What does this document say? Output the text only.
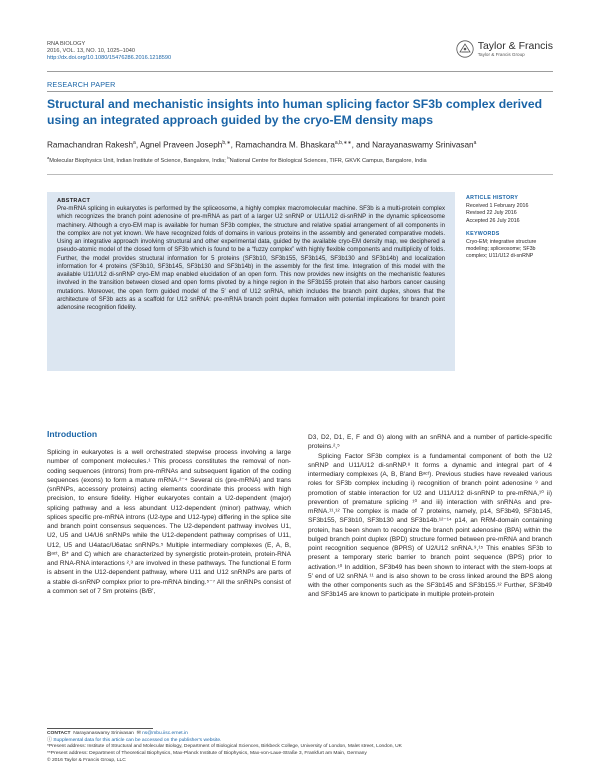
RNA BIOLOGY
2016, VOL. 13, NO. 10, 1025–1040
http://dx.doi.org/10.1080/15476286.2016.1218590
Taylor & Francis
Taylor & Francis Group
RESEARCH PAPER
Structural and mechanistic insights into human splicing factor SF3b complex derived using an integrated approach guided by the cryo-EM density maps
Ramachandran Rakesh$^a$, Agnel Praveen Joseph$^{b,∗}$, Ramachandra M. Bhaskara$^{a,b,∗∗}$, and Narayanaswamy Srinivasan$^a$
$^a$Molecular Biophysics Unit, Indian Institute of Science, Bangalore, India; $^b$National Centre for Biological Sciences, TIFR, GKVK Campus, Bangalore, India
ABSTRACT
Pre-mRNA splicing in eukaryotes is performed by the spliceosome, a highly complex macromolecular machine. SF3b is a multi-protein complex which recognizes the branch point adenosine of pre-mRNA as part of a larger U2 snRNP or U11/U12 di-snRNP in the dynamic spliceosome machinery. Although a cryo-EM map is available for human SF3b complex, the structure and relative spatial arrangement of all components in the complex are not yet known. We have recognized folds of domains in various proteins in the assembly and generated comparative models. Using an integrative approach involving structural and other experimental data, guided by the available cryo-EM density map, we deciphered a pseudo-atomic model of the closed form of SF3b which is found to be a “fuzzy complex” with highly flexible components and multiplicity of folds. Further, the model provides structural information for 5 proteins (SF3b10, SF3b155, SF3b145, SF3b130 and SF3b14b) and localization information for 4 proteins (SF3b10, SF3b145, SF3b130 and SF3b14b) in the assembly for the first time. Integration of this model with the available U11/U12 di-snRNP cryo-EM map enabled elucidation of an open form. This now provides new insights on the mechanistic features involved in the transition between closed and open forms pivoted by a hinge region in the SF3b155 protein that also harbors cancer causing mutations. Moreover, the open form guided model of the 5′ end of U12 snRNA, which includes the branch point duplex, shows that the architecture of SF3b acts as a scaffold for U12 snRNA: pre-mRNA branch point duplex formation with potential implications for branch point adenosine recognition fidelity.
ARTICLE HISTORY
Received 1 February 2016
Revised 22 July 2016
Accepted 26 July 2016
KEYWORDS
Cryo-EM; integrative structure modeling; spliceosome; SF3b complex; U11/U12 di-snRNP
Introduction

Splicing in eukaryotes is a well orchestrated stepwise process involving a large number of component molecules.¹ This process constitutes the removal of non-coding sequences (introns) from pre-mRNAs and subsequent ligation of the coding sequences (exons) to form a mature mRNA.²⁻⁴ Several cis (pre-mRNA) and trans (snRNPs, accessory proteins) acting elements coordinate this process with high precision, to ensure fidelity. Higher eukaryotes contain a U2-dependent (major) splicing pathway and a less abundant U12-dependent (minor) pathway, which splices specific pre-mRNA introns (U2-type and U12-type) differing in the splice site and branch point consensus sequences. The U2-dependent pathway involves U1, U2, U5 and U4/U6 snRNPs while the U12-dependent pathway comprises of U11, U12, U5 and U4atac/U6atac snRNPs.⁵ Multiple intermediary complexes (E, A, B, Bᵃᶜᵗ, B* and C) which are characterized by synergistic protein-protein, protein-RNA and RNA-RNA interactions ²,³ are involved in these pathways. The functional E form is absent in the U12-dependent pathway, where U11 and U12 snRNPs are parts of a stable di-snRNP complex prior to pre-mRNA binding.⁵⁻⁷ All the snRNPs consist of a common set of 7 Sm proteins (B/B′,

D3, D2, D1, E, F and G) along with an snRNA and a number of particle-specific proteins.²,⁵

Splicing Factor SF3b complex is a fundamental component of both the U2 snRNP and U11/U12 di-snRNP.⁸ It forms a dynamic and integral part of 4 intermediary complexes (A, B, B′and Bᵃᶜᵗ). Previous studies have revealed various roles for SF3b complex including i) recognition of branch point adenosine ⁹ and promotion of stable interaction for U2 and U11/U12 di-snRNP to pre-mRNA,¹⁰ ii) prevention of premature splicing ¹⁰ and iii) interaction with snRNAs and pre-mRNA.¹¹,¹² The complex is made of 7 proteins, namely, p14, SF3b49, SF3b145, SF3b155, SF3b10, SF3b130 and SF3b14b.¹²⁻¹⁴ p14, an RRM-domain containing protein, has been shown to recognize the branch point adenosine (BPA) within the bulged branch point duplex (BPD) structure formed between pre-mRNA and branch point recognition sequence (BPRS) of U2/U12 snRNA.⁹,¹⁵ This enables SF3b to present a temporary steric barrier to branch point sequence (BPS) prior to activation.¹⁰ In addition, SF3b49 has been shown to interact with the stem-loops at 5′ end of U2 snRNA ¹¹ and is also shown to be cross linked around the BPS along with the other components such as the SF3b145 and SF3b155.¹² Further, SF3b49 and SF3b145 are known to participate in multiple protein-protein

CONTACT Narayanaswamy Srinivasan ✉ ns@mbu.iisc.ernet.in
ⓘ Supplemental data for this article can be accessed on the publisher's website.
*Present address: Institute of Structural and Molecular Biology, Department of Biological Sciences, Birkbeck College, University of London, Malet street, London, UK
**Present address: Department of Theoretical Biophysics, Max-Planck Institute of Biophysics, Max-von-Laue-Straße 3, Frankfurt am Main, Germany
© 2016 Taylor & Francis Group, LLC
